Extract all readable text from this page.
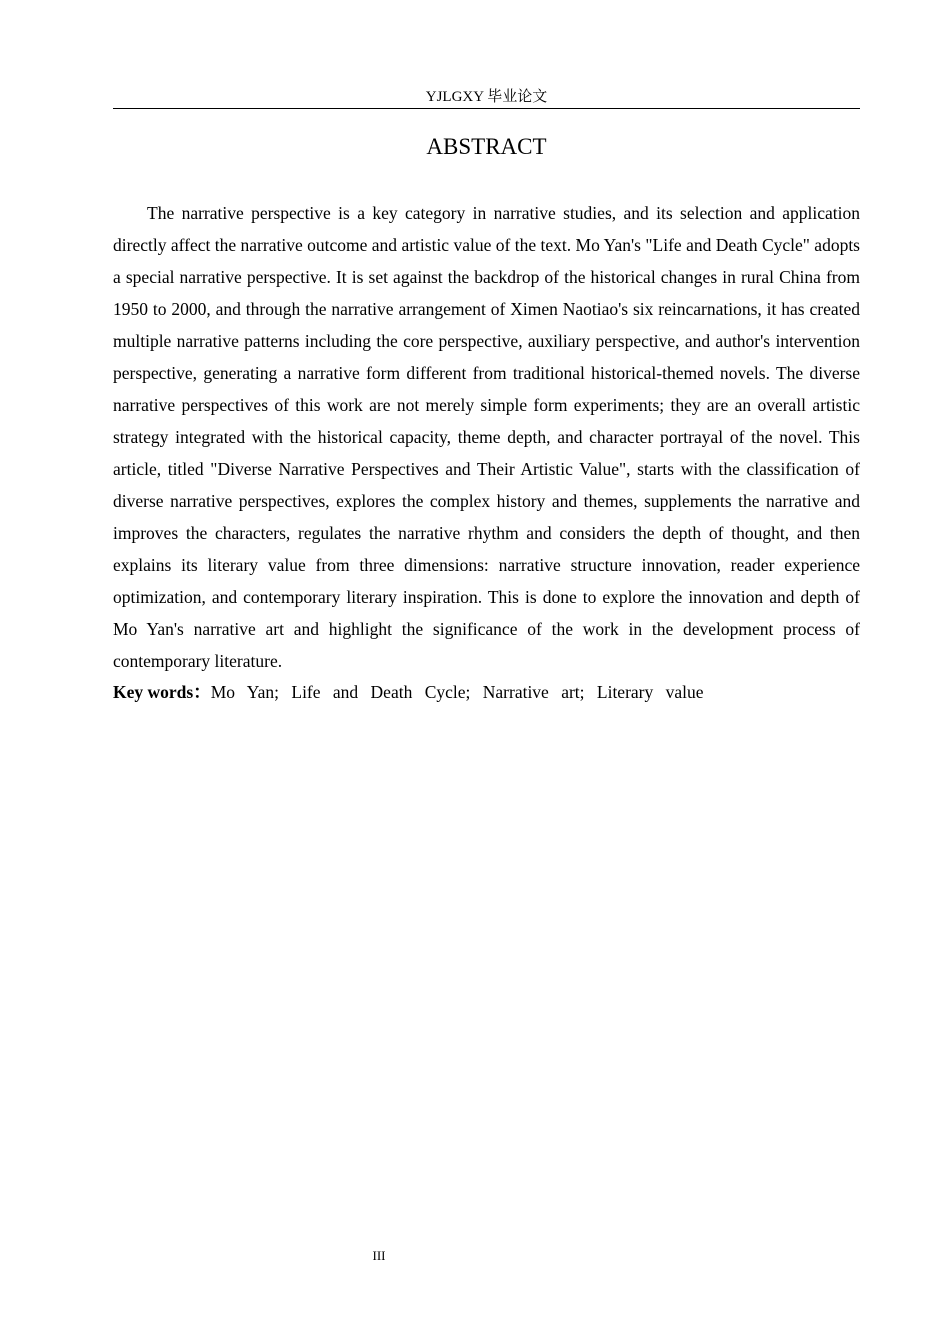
YJLGXY 毕业论文
ABSTRACT

The narrative perspective is a key category in narrative studies, and its selection and application directly affect the narrative outcome and artistic value of the text. Mo Yan's "Life and Death Cycle" adopts a special narrative perspective. It is set against the backdrop of the historical changes in rural China from 1950 to 2000, and through the narrative arrangement of Ximen Naotiao's six reincarnations, it has created multiple narrative patterns including the core perspective, auxiliary perspective, and author's intervention perspective, generating a narrative form different from traditional historical-themed novels. The diverse narrative perspectives of this work are not merely simple form experiments; they are an overall artistic strategy integrated with the historical capacity, theme depth, and character portrayal of the novel. This article, titled "Diverse Narrative Perspectives and Their Artistic Value", starts with the classification of diverse narrative perspectives, explores the complex history and themes, supplements the narrative and improves the characters, regulates the narrative rhythm and considers the depth of thought, and then explains its literary value from three dimensions: narrative structure innovation, reader experience optimization, and contemporary literary inspiration. This is done to explore the innovation and depth of Mo Yan's narrative art and highlight the significance of the work in the development process of contemporary literature.

Key words：Mo Yan; Life and Death Cycle; Narrative art; Literary value

III
